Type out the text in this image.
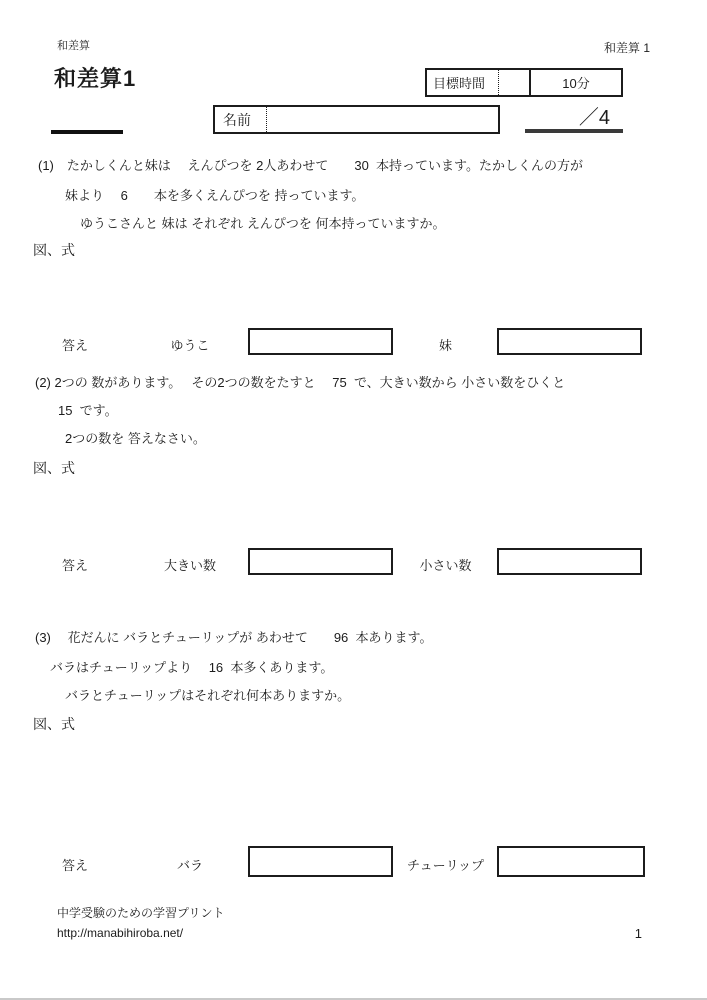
和差算	和差算 1
和差算1	目標時間	10分
名前	／4
(1)　たかしくんと妹は　 えんぴつを 2人あわせて　　30  本持っています。たかしくんの方が
妹より　 6　　本を多くえんぴつを 持っています。
ゆうこさんと 妹は それぞれ えんぴつを 何本持っていますか。
図、式
答え	ゆうこ	妹
(2) 2つの 数があります。　 その2つの数をたすと　 75  で、大きい数から 小さい数をひくと
15  です。
2つの数を 答えなさい。
図、式
答え	大きい数	小さい数
(3)　 花だんに バラとチューリップが あわせて　　96  本あります。
バラはチューリップより　 16  本多くあります。
バラとチューリップはそれぞれ何本ありますか。
図、式
答え	バラ	チューリップ
中学受験のための学習プリント
http://manabihiroba.net/	1
